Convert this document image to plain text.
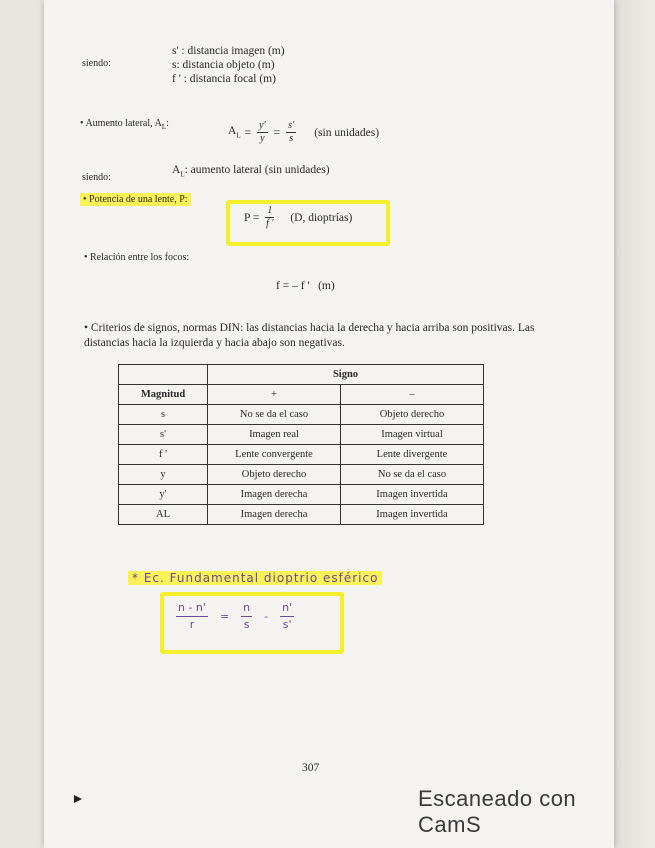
siendo:
s' : distancia imagen (m)
s: distancia objeto (m)
f ' : distancia focal (m)
• Aumento lateral, $A_L$:
$A_L = \frac{y'}{y} = \frac{s'}{s} (\sin$ unidades)
siendo:
$A_L$: aumento lateral (sin unidades)
• Potencia de una lente, P:
$P = \frac{1}{f '} (D$, dioptrías)
• Relación entre los focos:
f = – f '   (m)
• Criterios de signos, normas DIN: las distancias hacia la derecha y hacia arriba son positivas. Las
distancias hacia la izquierda y hacia abajo son negativas.
	Signo	
Magnitud	+	–
s	No se da el caso	Objeto derecho
s'	Imagen real	Imagen virtual
f '	Lente convergente	Lente divergente
y	Objeto derecho	No se da el caso
y'	Imagen derecha	Imagen invertida
AL	Imagen derecha	Imagen invertida
* Ec. Fundamental dioptrio esférico
$\frac{n - n'}{r} = \frac{n}{s} - \frac{n'}{s'}$
307
Escaneado con CamS
